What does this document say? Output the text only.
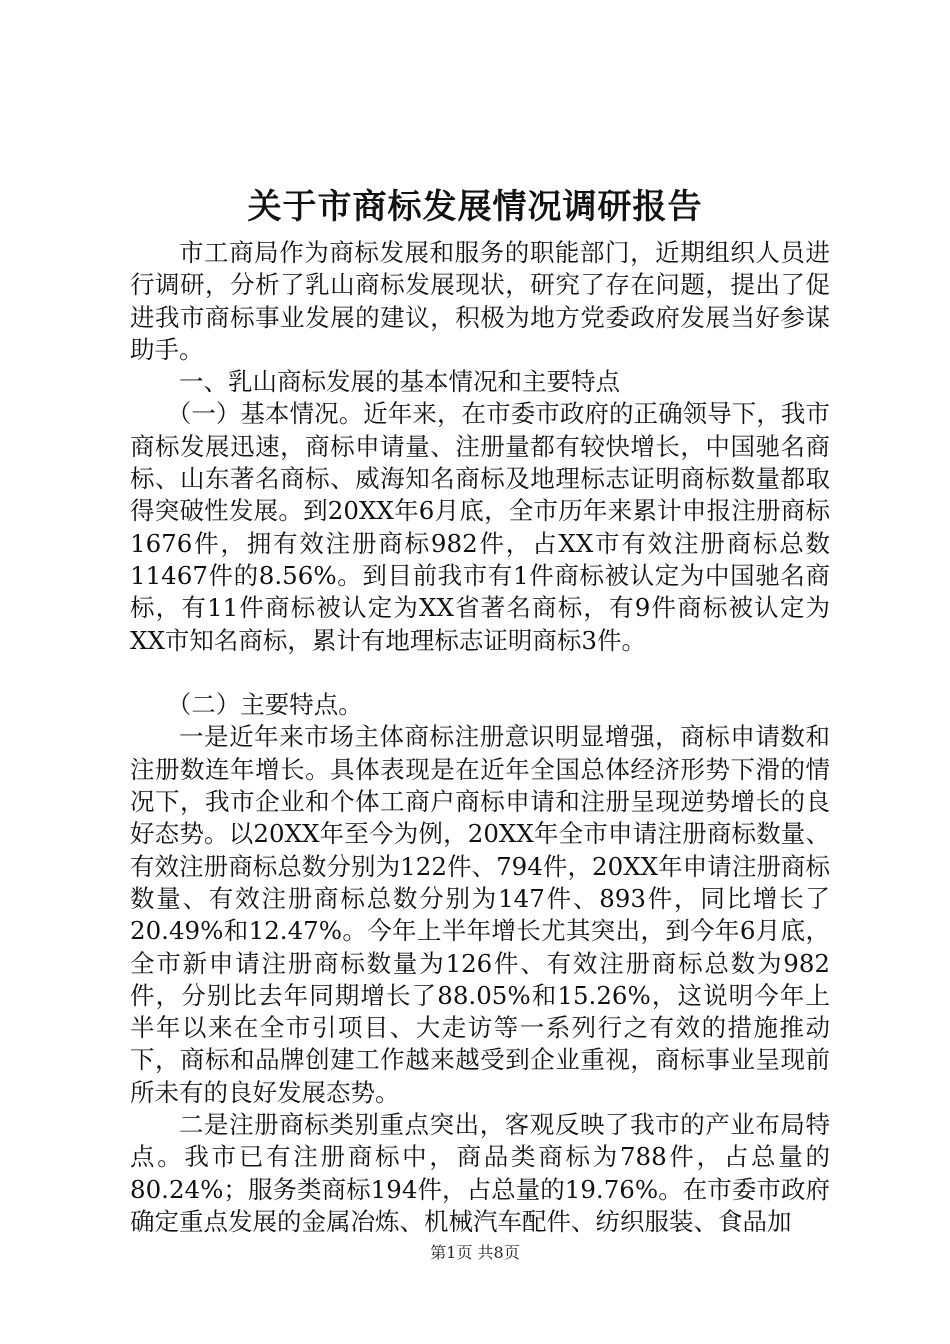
关于市商标发展情况调研报告

市工商局作为商标发展和服务的职能部门，近期组织人员进行调研，分析了乳山商标发展现状，研究了存在问题，提出了促进我市商标事业发展的建议，积极为地方党委政府发展当好参谋助手。

一、乳山商标发展的基本情况和主要特点

（一）基本情况。近年来，在市委市政府的正确领导下，我市商标发展迅速，商标申请量、注册量都有较快增长，中国驰名商标、山东著名商标、威海知名商标及地理标志证明商标数量都取得突破性发展。到20XX年6月底，全市历年来累计申报注册商标1676件，拥有效注册商标982件，占XX市有效注册商标总数11467件的8.56%。到目前我市有1件商标被认定为中国驰名商标，有11件商标被认定为XX省著名商标，有9件商标被认定为XX市知名商标，累计有地理标志证明商标3件。

（二）主要特点。

一是近年来市场主体商标注册意识明显增强，商标申请数和注册数连年增长。具体表现是在近年全国总体经济形势下滑的情况下，我市企业和个体工商户商标申请和注册呈现逆势增长的良好态势。以20XX年至今为例，20XX年全市申请注册商标数量、有效注册商标总数分别为122件、794件，20XX年申请注册商标数量、有效注册商标总数分别为147件、893件，同比增长了20.49%和12.47%。今年上半年增长尤其突出，到今年6月底，全市新申请注册商标数量为126件、有效注册商标总数为982件，分别比去年同期增长了88.05%和15.26%，这说明今年上半年以来在全市引项目、大走访等一系列行之有效的措施推动下，商标和品牌创建工作越来越受到企业重视，商标事业呈现前所未有的良好发展态势。

二是注册商标类别重点突出，客观反映了我市的产业布局特点。我市已有注册商标中，商品类商标为788件，占总量的80.24%；服务类商标194件，占总量的19.76%。在市委市政府确定重点发展的金属冶炼、机械汽车配件、纺织服装、食品加

第1页 共8页
